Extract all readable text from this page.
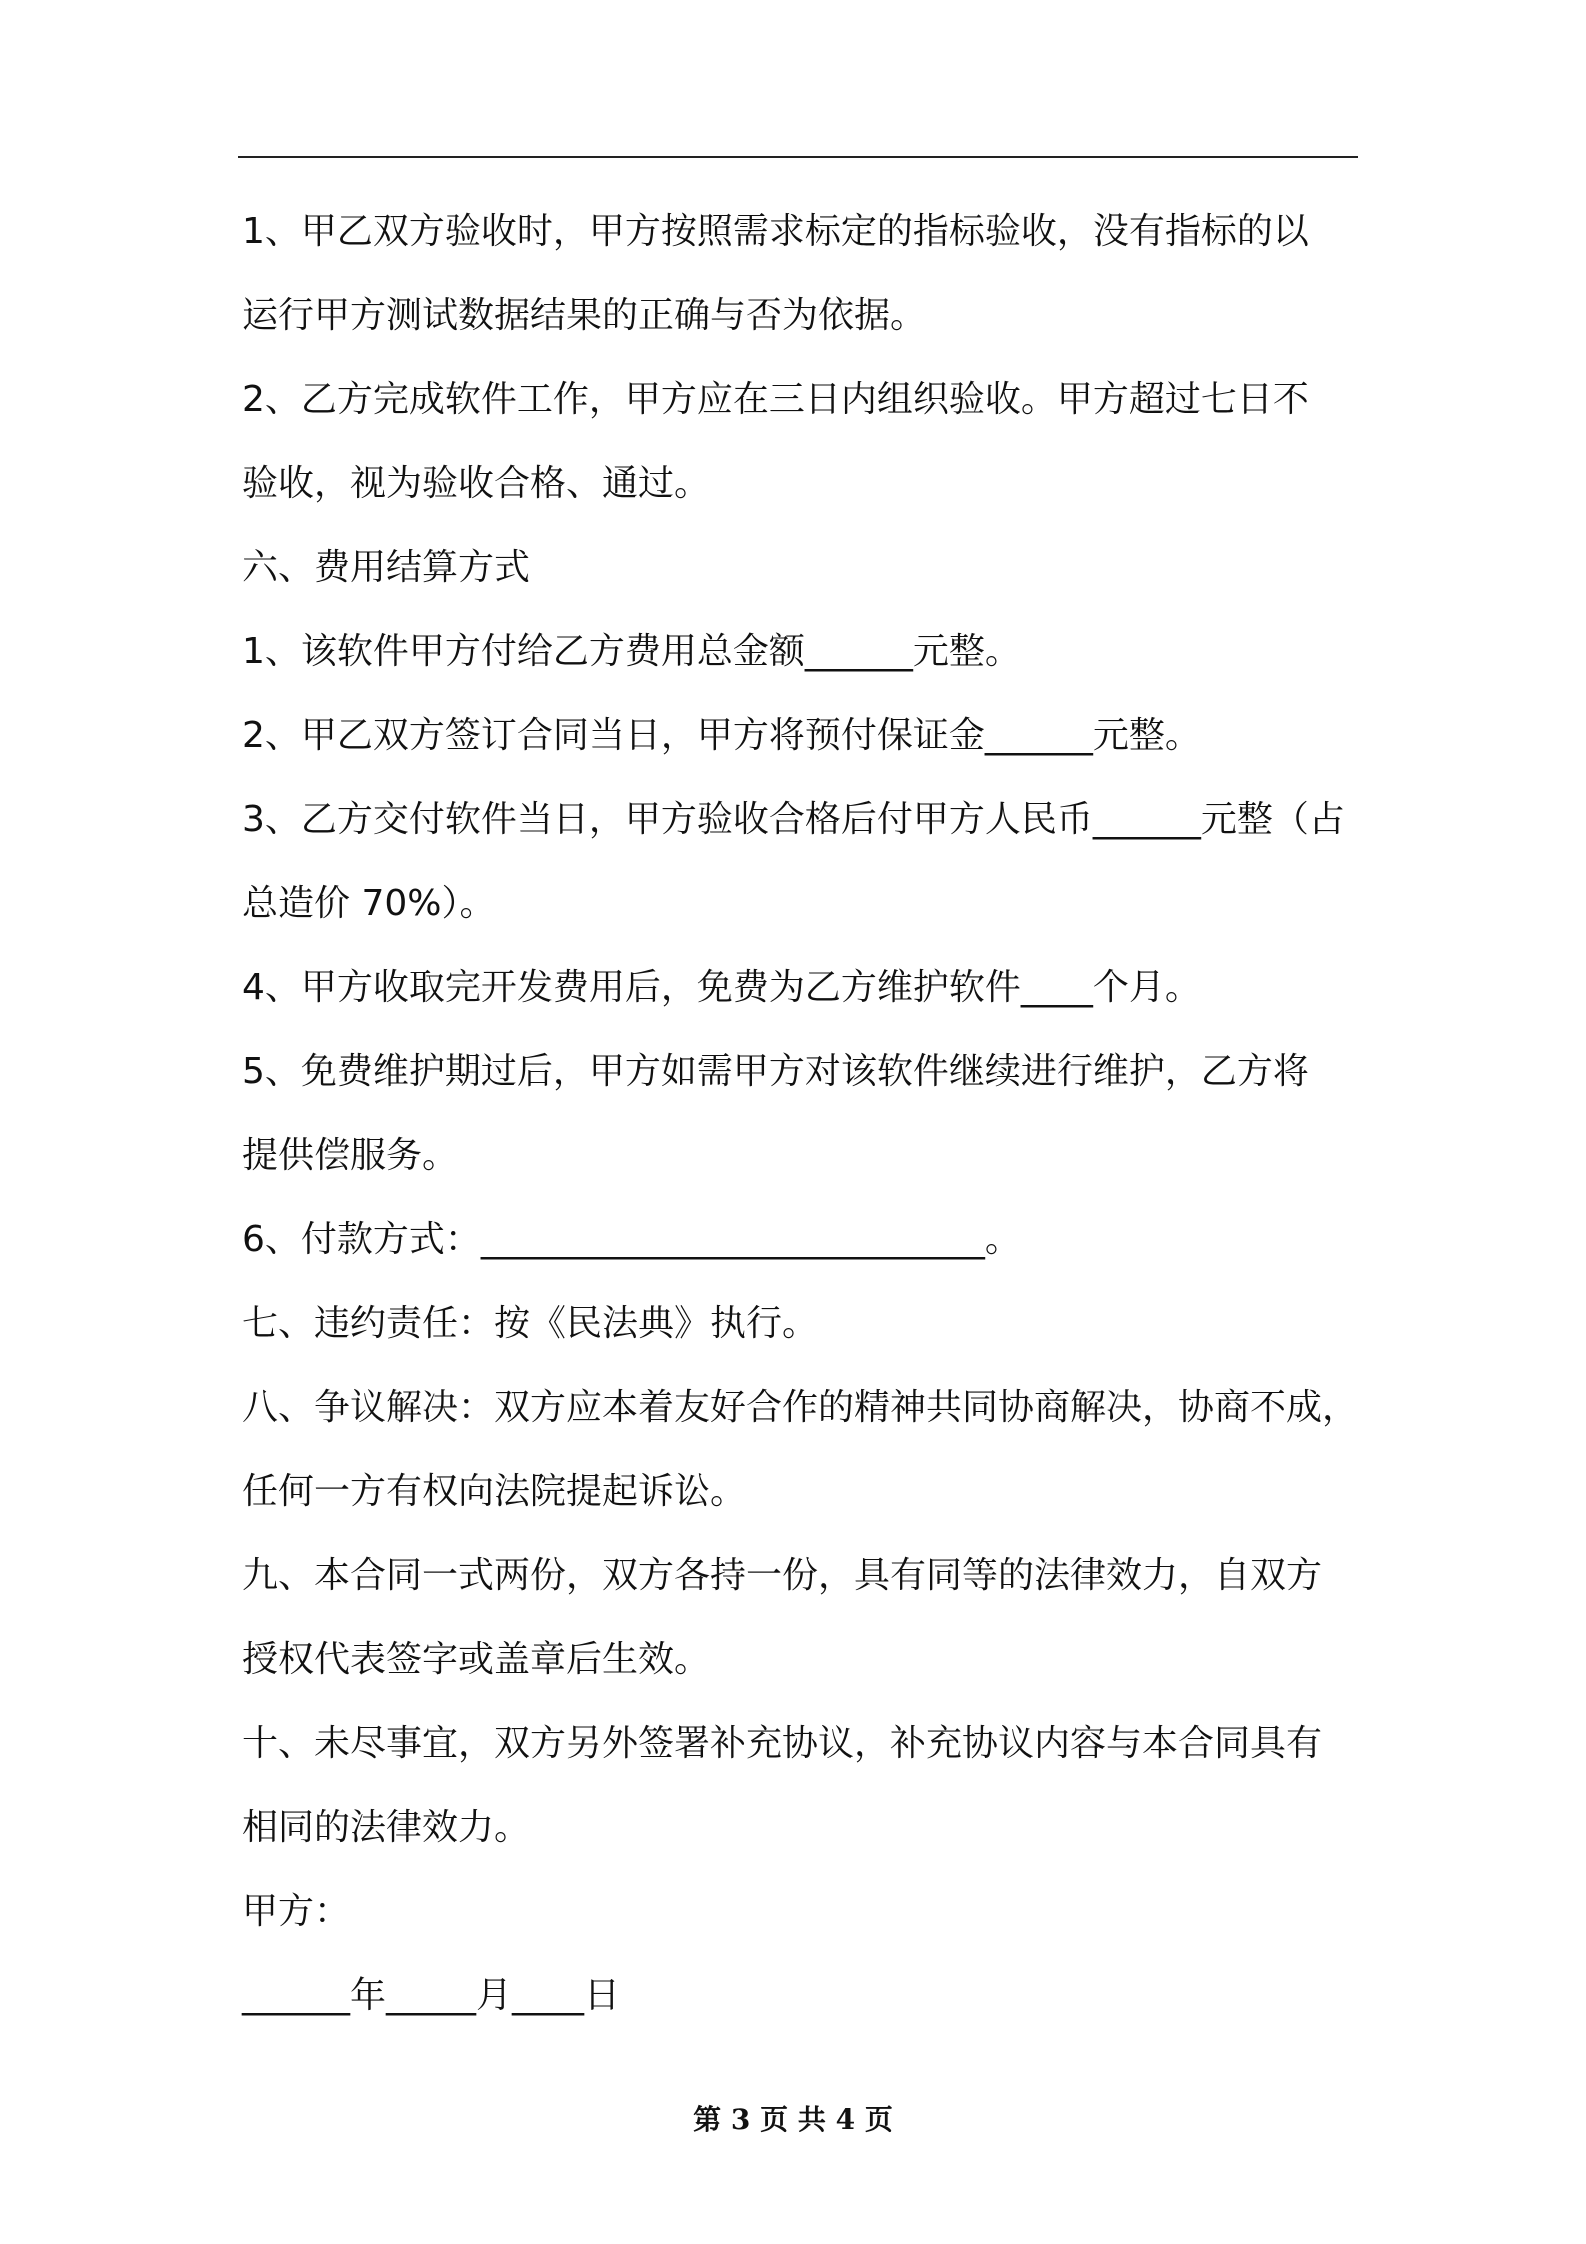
1、甲乙双方验收时，甲方按照需求标定的指标验收，没有指标的以
运行甲方测试数据结果的正确与否为依据。
2、乙方完成软件工作，甲方应在三日内组织验收。甲方超过七日不
验收，视为验收合格、通过。
六、费用结算方式
1、该软件甲方付给乙方费用总金额______元整。
2、甲乙双方签订合同当日，甲方将预付保证金______元整。
3、乙方交付软件当日，甲方验收合格后付甲方人民币______元整（占
总造价 70%）。
4、甲方收取完开发费用后，免费为乙方维护软件____个月。
5、免费维护期过后，甲方如需甲方对该软件继续进行维护，乙方将
提供偿服务。
6、付款方式：____________________________。
七、违约责任：按《民法典》执行。
八、争议解决：双方应本着友好合作的精神共同协商解决，协商不成，
任何一方有权向法院提起诉讼。
九、本合同一式两份，双方各持一份，具有同等的法律效力，自双方
授权代表签字或盖章后生效。
十、未尽事宜，双方另外签署补充协议，补充协议内容与本合同具有
相同的法律效力。
甲方：
______年_____月____日
第 3 页 共 4 页
